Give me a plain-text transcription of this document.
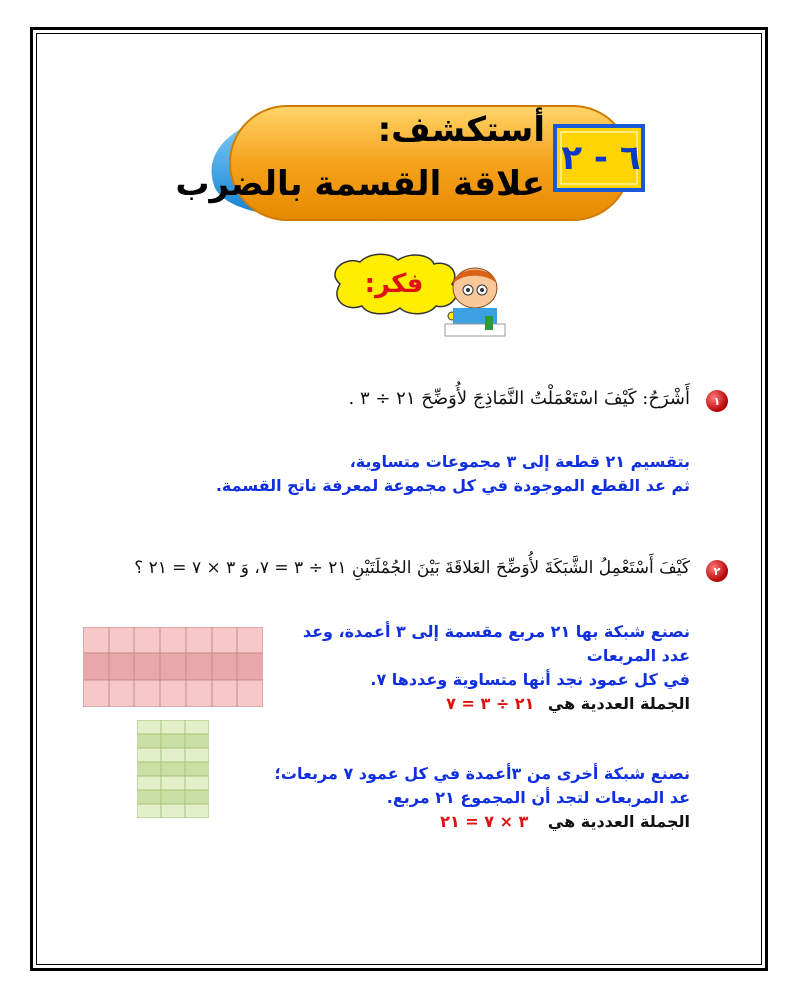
٦ - ٢
أستكشف:
علاقة القسمة بالضرب
فكر:
١
أَشْرَحُ: كَيْفَ اسْتَعْمَلْتُ النَّمَاذِجَ لأُوَضِّحَ ٢١ ÷ ٣ .
بتقسيم ٢١ قطعة إلى ٣ مجموعات متساوية،
ثم عد القطع الموجودة في كل مجموعة لمعرفة ناتج القسمة.
٢
كَيْفَ أَسْتَعْمِلُ الشَّبَكَةَ لأُوَضِّحَ العَلاقَةَ بَيْنَ الجُمْلَتَيْنِ ٢١ ÷ ٣ = ٧، وَ ٣ × ٧ = ٢١ ؟
نصنع شبكة بها ٢١ مربع مقسمة إلى ٣ أعمدة، وعد
عدد المربعات
في كل عمود نجد أنها متساوية وعددها ٧.
الجملة العددية هي ٢١ ÷ ٣ = ٧
نصنع شبكة أخرى من ٣أعمدة في كل عمود ٧ مربعات؛
عد المربعات لتجد أن المجموع ٢١ مربع.
الجملة العددية هي ٣ × ٧ = ٢١
